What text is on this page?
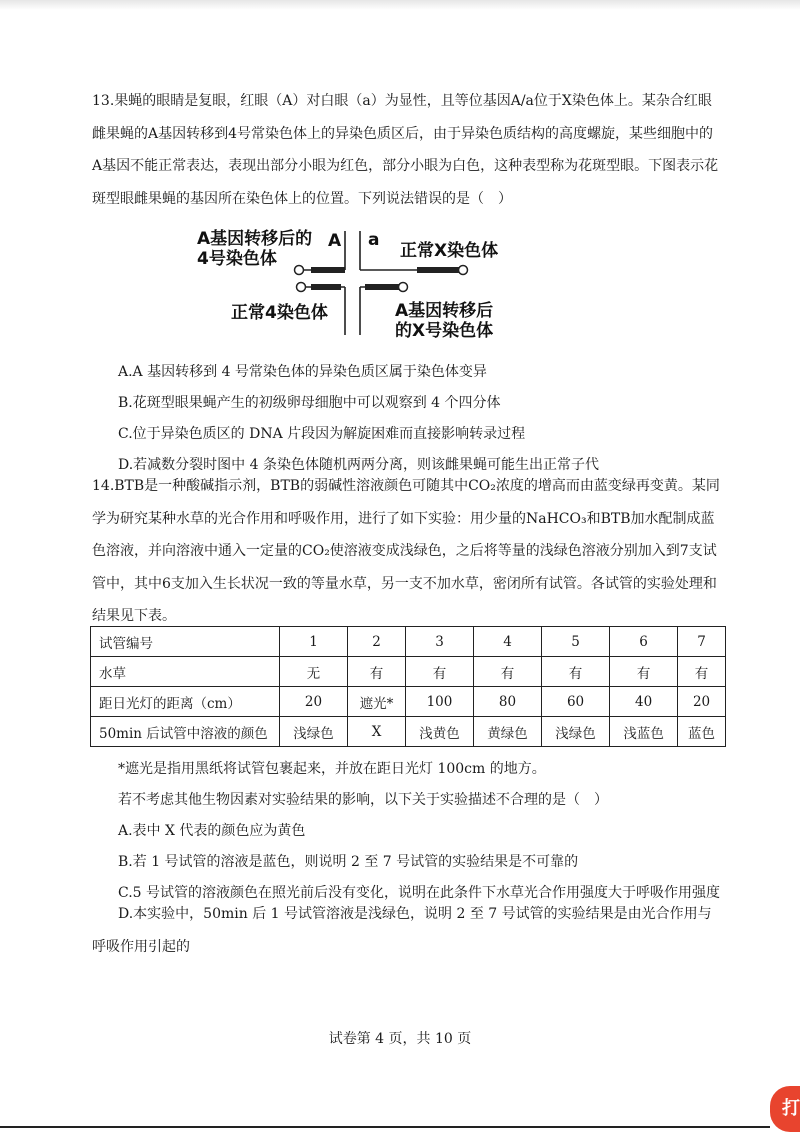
13.果蝇的眼睛是复眼，红眼（A）对白眼（a）为显性，且等位基因A/a位于X染色体上。某杂合红眼雌果蝇的A基因转移到4号常染色体上的异染色质区后，由于异染色质结构的高度螺旋，某些细胞中的A基因不能正常表达，表现出部分小眼为红色，部分小眼为白色，这种表型称为花斑型眼。下图表示花斑型眼雌果蝇的基因所在染色体上的位置。下列说法错误的是（　）

A基因转移后的
4号染色体
A a
正常X染色体
正常4染色体	A基因转移后
的X号染色体
A.A 基因转移到 4 号常染色体的异染色质区属于染色体变异
B.花斑型眼果蝇产生的初级卵母细胞中可以观察到 4 个四分体
C.位于异染色质区的 DNA 片段因为解旋困难而直接影响转录过程
D.若减数分裂时图中 4 条染色体随机两两分离，则该雌果蝇可能生出正常子代

14.BTB是一种酸碱指示剂，BTB的弱碱性溶液颜色可随其中CO₂浓度的增高而由蓝变绿再变黄。某同学为研究某种水草的光合作用和呼吸作用，进行了如下实验：用少量的NaHCO₃和BTB加水配制成蓝色溶液，并向溶液中通入一定量的CO₂使溶液变成浅绿色，之后将等量的浅绿色溶液分别加入到7支试管中，其中6支加入生长状况一致的等量水草，另一支不加水草，密闭所有试管。各试管的实验处理和结果见下表。

试管编号	1	2	3	4	5	6	7
水草	无	有	有	有	有	有	有
距日光灯的距离（cm）	20	遮光*	100	80	60	40	20
50min 后试管中溶液的颜色	浅绿色	X	浅黄色	黄绿色	浅绿色	浅蓝色	蓝色
*遮光是指用黑纸将试管包裹起来，并放在距日光灯 100cm 的地方。
若不考虑其他生物因素对实验结果的影响，以下关于实验描述不合理的是（　）
A.表中 X 代表的颜色应为黄色
B.若 1 号试管的溶液是蓝色，则说明 2 至 7 号试管的实验结果是不可靠的
C.5 号试管的溶液颜色在照光前后没有变化，说明在此条件下水草光合作用强度大于呼吸作用强度

D.本实验中，50min 后 1 号试管溶液是浅绿色，说明 2 至 7 号试管的实验结果是由光合作用与呼吸作用引起的

试卷第 4 页，共 10 页
打
